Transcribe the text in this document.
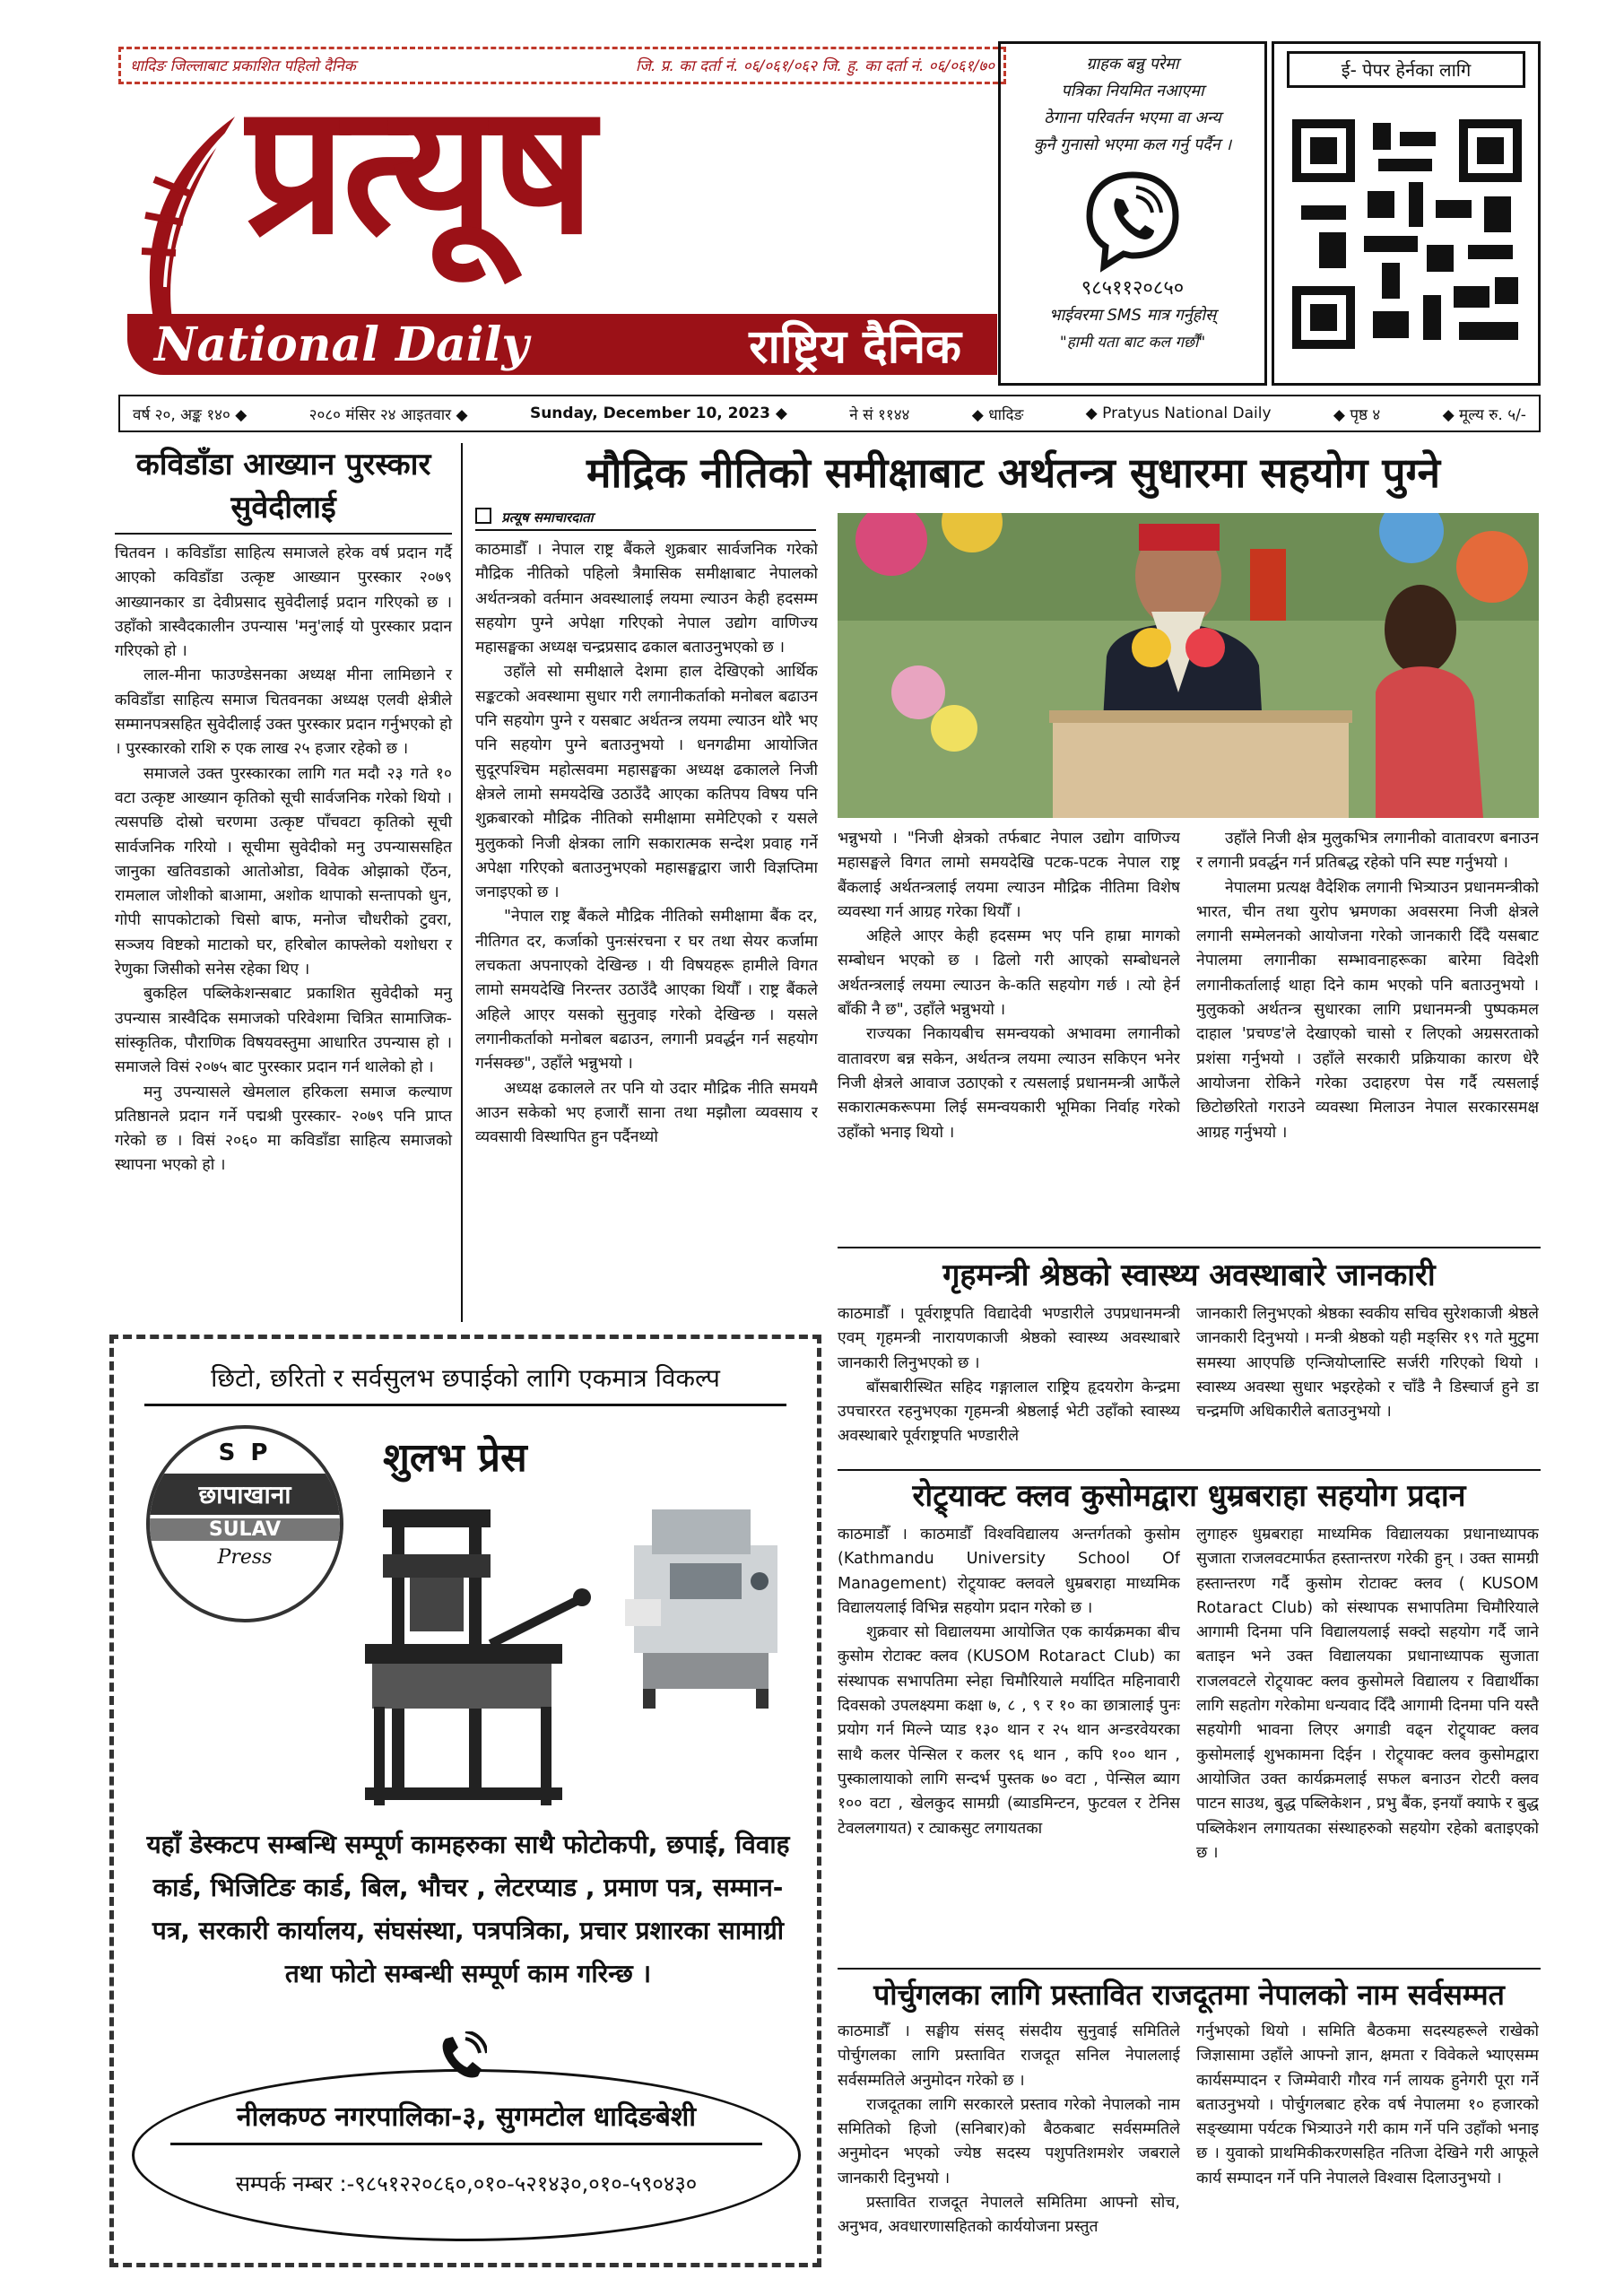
धादिङ जिल्लाबाट प्रकाशित पहिलो दैनिक	जि. प्र. का दर्ता नं. ०६/०६१/०६२ जि. हु. का दर्ता नं. ०६/०६१/७०
प्रत्यूष
National Daily	राष्ट्रिय दैनिक
ग्राहक बन्नु परेमा
पत्रिका नियमित नआएमा
ठेगाना परिवर्तन भएमा वा अन्य
कुनै गुनासो भएमा कल गर्नु पर्दैन ।
९८५११२०८५०
भाईवरमा SMS मात्र गर्नुहोस्
"हामी यता बाट कल गर्छौं"
ई- पेपर हेर्नका लागि
वर्ष २०, अङ्क १४० ◆	२०८० मंसिर २४ आइतवार ◆	Sunday, December 10, 2023 ◆	ने सं ११४४	◆ धादिङ	◆ Pratyus National Daily	◆ पृष्ठ ४	◆ मूल्य रु. ५/-
कविडाँडा आख्यान पुरस्कार सुवेदीलाई

चितवन । कविडाँडा साहित्य समाजले हरेक वर्ष प्रदान गर्दै आएको कविडाँडा उत्कृष्ट आख्यान पुरस्कार २०७९ आख्यानकार डा देवीप्रसाद सुवेदीलाई प्रदान गरिएको छ । उहाँको त्रास्वैदकालीन उपन्यास 'मनु'लाई यो पुरस्कार प्रदान गरिएको हो ।

लाल-मीना फाउण्डेसनका अध्यक्ष मीना लामिछाने र कविडाँडा साहित्य समाज चितवनका अध्यक्ष एलवी क्षेत्रीले सम्मानपत्रसहित सुवेदीलाई उक्त पुरस्कार प्रदान गर्नुभएको हो । पुरस्कारको राशि रु एक लाख २५ हजार रहेको छ ।

समाजले उक्त पुरस्कारका लागि गत मदौ २३ गते १० वटा उत्कृष्ट आख्यान कृतिको सूची सार्वजनिक गरेको थियो । त्यसपछि दोस्रो चरणमा उत्कृष्ट पाँचवटा कृतिको सूची सार्वजनिक गरियो । सूचीमा सुवेदीको मनु उपन्याससहित जानुका खतिवडाको आतोओडा, विवेक ओझाको ऐँठन, रामलाल जोशीको बाआमा, अशोक थापाको सन्तापको धुन, गोपी सापकोटाको चिसो बाफ, मनोज चौधरीको टुवरा, सञ्जय विष्टको माटाको घर, हरिबोल काफ्लेको यशोधरा र रेणुका जिसीको सनेस रहेका थिए ।

बुकहिल पब्लिकेशन्सबाट प्रकाशित सुवेदीको मनु उपन्यास त्रास्वैदिक समाजको परिवेशमा चित्रित सामाजिक-सांस्कृतिक, पौराणिक विषयवस्तुमा आधारित उपन्यास हो । समाजले विसं २०७५ बाट पुरस्कार प्रदान गर्न थालेको हो ।

मनु उपन्यासले खेमलाल हरिकला समाज कल्याण प्रतिष्ठानले प्रदान गर्ने पद्मश्री पुरस्कार- २०७९ पनि प्राप्त गरेको छ । विसं २०६० मा कविडाँडा साहित्य समाजको स्थापना भएको हो ।

मौद्रिक नीतिको समीक्षाबाट अर्थतन्त्र सुधारमा सहयोग पुग्ने
प्रत्यूष समाचारदाता

काठमाडौँ । नेपाल राष्ट्र बैंकले शुक्रबार सार्वजनिक गरेको मौद्रिक नीतिको पहिलो त्रैमासिक समीक्षाबाट नेपालको अर्थतन्त्रको वर्तमान अवस्थालाई लयमा ल्याउन केही हदसम्म सहयोग पुग्ने अपेक्षा गरिएको नेपाल उद्योग वाणिज्य महासङ्घका अध्यक्ष चन्द्रप्रसाद ढकाल बताउनुभएको छ ।

उहाँले सो समीक्षाले देशमा हाल देखिएको आर्थिक सङ्कटको अवस्थामा सुधार गरी लगानीकर्ताको मनोबल बढाउन पनि सहयोग पुग्ने र यसबाट अर्थतन्त्र लयमा ल्याउन थोरै भए पनि सहयोग पुग्ने बताउनुभयो । धनगढीमा आयोजित सुदूरपश्चिम महोत्सवमा महासङ्घका अध्यक्ष ढकालले निजी क्षेत्रले लामो समयदेखि उठाउँदै आएका कतिपय विषय पनि शुक्रबारको मौद्रिक नीतिको समीक्षामा समेटिएको र यसले मुलुकको निजी क्षेत्रका लागि सकारात्मक सन्देश प्रवाह गर्ने अपेक्षा गरिएको बताउनुभएको महासङ्घद्वारा जारी विज्ञप्तिमा जनाइएको छ ।

"नेपाल राष्ट्र बैंकले मौद्रिक नीतिको समीक्षामा बैंक दर, नीतिगत दर, कर्जाको पुनःसंरचना र घर तथा सेयर कर्जामा लचकता अपनाएको देखिन्छ । यी विषयहरू हामीले विगत लामो समयदेखि निरन्तर उठाउँदै आएका थियौँ । राष्ट्र बैंकले अहिले आएर यसको सुनुवाइ गरेको देखिन्छ । यसले लगानीकर्ताको मनोबल बढाउन, लगानी प्रवर्द्धन गर्न सहयोग गर्नसक्छ", उहाँले भन्नुभयो ।

अध्यक्ष ढकालले तर पनि यो उदार मौद्रिक नीति समयमै आउन सकेको भए हजारौं साना तथा मझौला व्यवसाय र व्यवसायी विस्थापित हुन पर्दैनथ्यो

भन्नुभयो । "निजी क्षेत्रको तर्फबाट नेपाल उद्योग वाणिज्य महासङ्घले विगत लामो समयदेखि पटक-पटक नेपाल राष्ट्र बैंकलाई अर्थतन्त्रलाई लयमा ल्याउन मौद्रिक नीतिमा विशेष व्यवस्था गर्न आग्रह गरेका थियौँ ।

अहिले आएर केही हदसम्म भए पनि हाम्रा मागको सम्बोधन भएको छ । ढिलो गरी आएको सम्बोधनले अर्थतन्त्रलाई लयमा ल्याउन के-कति सहयोग गर्छ । त्यो हेर्न बाँकी नै छ", उहाँले भन्नुभयो ।

राज्यका निकायबीच समन्वयको अभावमा लगानीको वातावरण बन्न सकेन, अर्थतन्त्र लयमा ल्याउन सकिएन भनेर निजी क्षेत्रले आवाज उठाएको र त्यसलाई प्रधानमन्त्री आफैंले सकारात्मकरूपमा लिई समन्वयकारी भूमिका निर्वाह गरेको उहाँको भनाइ थियो ।

उहाँले निजी क्षेत्र मुलुकभित्र लगानीको वातावरण बनाउन र लगानी प्रवर्द्धन गर्न प्रतिबद्ध रहेको पनि स्पष्ट गर्नुभयो ।

नेपालमा प्रत्यक्ष वैदेशिक लगानी भित्र्याउन प्रधानमन्त्रीको भारत, चीन तथा युरोप भ्रमणका अवसरमा निजी क्षेत्रले लगानी सम्मेलनको आयोजना गरेको जानकारी दिँदै यसबाट नेपालमा लगानीका सम्भावनाहरूका बारेमा विदेशी लगानीकर्तालाई थाहा दिने काम भएको पनि बताउनुभयो । मुलुकको अर्थतन्त्र सुधारका लागि प्रधानमन्त्री पुष्पकमल दाहाल 'प्रचण्ड'ले देखाएको चासो र लिएको अग्रसरताको प्रशंसा गर्नुभयो । उहाँले सरकारी प्रक्रियाका कारण धेरै आयोजना रोकिने गरेका उदाहरण पेस गर्दै त्यसलाई छिटोछरितो गराउने व्यवस्था मिलाउन नेपाल सरकारसमक्ष आग्रह गर्नुभयो ।

गृहमन्त्री श्रेष्ठको स्वास्थ्य अवस्थाबारे जानकारी

काठमाडौँ । पूर्वराष्ट्रपति विद्यादेवी भण्डारीले उपप्रधानमन्त्री एवम् गृहमन्त्री नारायणकाजी श्रेष्ठको स्वास्थ्य अवस्थाबारे जानकारी लिनुभएको छ ।

बाँसबारीस्थित सहिद गङ्गालाल राष्ट्रिय हृदयरोग केन्द्रमा उपचाररत रहनुभएका गृहमन्त्री श्रेष्ठलाई भेटी उहाँको स्वास्थ्य अवस्थाबारे पूर्वराष्ट्रपति भण्डारीले

जानकारी लिनुभएको श्रेष्ठका स्वकीय सचिव सुरेशकाजी श्रेष्ठले जानकारी दिनुभयो । मन्त्री श्रेष्ठको यही मङ्सिर १९ गते मुटुमा समस्या आएपछि एन्जियोप्लास्टि सर्जरी गरिएको थियो । स्वास्थ्य अवस्था सुधार भइरहेको र चाँडै नै डिस्चार्ज हुने डा चन्द्रमणि अधिकारीले बताउनुभयो ।

रोट्र्याक्ट क्लव कुसोमद्वारा धुम्रबराहा सहयोग प्रदान

काठमाडौँ । काठमाडौँ विश्वविद्यालय अन्तर्गतको कुसोम (Kathmandu University School Of Management) रोट्र्याक्ट क्लवले धुम्रबराहा माध्यमिक विद्यालयलाई विभिन्न सहयोग प्रदान गरेको छ ।

शुक्रवार सो विद्यालयमा आयोजित एक कार्यक्रमका बीच कुसोम रोटाक्ट क्लव (KUSOM Rotaract Club) का संस्थापक सभापतिमा स्नेहा चिमौरियाले मर्यादित महिनावारी दिवसको उपलक्ष्यमा कक्षा ७, ८ , ९ र १० का छात्रालाई पुनः प्रयोग गर्न मिल्ने प्याड १३० थान र २५ थान अन्डरवेयरका साथै कलर पेन्सिल र कलर ९६ थान , कपि १०० थान , पुस्कालायाको लागि सन्दर्भ पुस्तक ७० वटा , पेन्सिल ब्याग १०० वटा , खेलकुद सामग्री (ब्याडमिन्टन, फुटवल र टेनिस टेवललगायत) र ट्याकसुट लगायतका

लुगाहरु धुम्रबराहा माध्यमिक विद्यालयका प्रधानाध्यापक सुजाता राजलवटमार्फत हस्तान्तरण गरेकी हुन् । उक्त सामग्री हस्तान्तरण गर्दै कुसोम रोटाक्ट क्लव ( KUSOM Rotaract Club) को संस्थापक सभापतिमा चिमौरियाले आगामी दिनमा पनि विद्यालयलाई सक्दो सहयोग गर्दै जाने बताइन भने उक्त विद्यालयका प्रधानाध्यापक सुजाता राजलवटले रोट्र्याक्ट क्लव कुसोमले विद्यालय र विद्यार्थीका लागि सहतोग गरेकोमा धन्यवाद दिँदै आगामी दिनमा पनि यस्तै सहयोगी भावना लिएर अगाडी वढ्न रोट्र्याक्ट क्लव कुसोमलाई शुभकामना दिईन । रोट्र्याक्ट क्लव कुसोमद्वारा आयोजित उक्त कार्यक्रमलाई सफल बनाउन रोटरी क्लव पाटन साउथ, बुद्ध पब्लिकेशन , प्रभु बैंक, इनयाँ क्याफे र बुद्ध पब्लिकेशन लगायतका संस्थाहरुको सहयोग रहेको बताइएको छ ।

पोर्चुगलका लागि प्रस्तावित राजदूतमा नेपालको नाम सर्वसम्मत

काठमाडौँ । सङ्घीय संसद् संसदीय सुनुवाई समितिले पोर्चुगलका लागि प्रस्तावित राजदूत सनिल नेपाललाई सर्वसम्मतिले अनुमोदन गरेको छ ।

राजदूतका लागि सरकारले प्रस्ताव गरेको नेपालको नाम समितिको हिजो (सनिबार)को बैठकबाट सर्वसम्मतिले अनुमोदन भएको ज्येष्ठ सदस्य पशुपतिशमशेर जबराले जानकारी दिनुभयो ।

प्रस्तावित राजदूत नेपालले समितिमा आफ्नो सोच, अनुभव, अवधारणासहितको कार्ययोजना प्रस्तुत

गर्नुभएको थियो । समिति बैठकमा सदस्यहरूले राखेको जिज्ञासामा उहाँले आफ्नो ज्ञान, क्षमता र विवेकले भ्याएसम्म कार्यसम्पादन र जिम्मेवारी गौरव गर्न लायक हुनेगरी पूरा गर्ने बताउनुभयो । पोर्चुगलबाट हरेक वर्ष नेपालमा १० हजारको सङ्ख्यामा पर्यटक भित्र्याउने गरी काम गर्ने पनि उहाँको भनाइ छ । युवाको प्राथमिकीकरणसहित नतिजा देखिने गरी आफूले कार्य सम्पादन गर्ने पनि नेपालले विश्वास दिलाउनुभयो ।

छिटो, छरितो र सर्वसुलभ छपाईको लागि एकमात्र विकल्प
शुलभ प्रेस
S P
छापाखाना
SULAV
Press
यहाँ डेस्कटप सम्बन्धि सम्पूर्ण कामहरुका साथै फोटोकपी, छपाई, विवाह कार्ड, भिजिटिङ कार्ड, बिल, भौचर , लेटरप्याड , प्रमाण पत्र, सम्मान-पत्र, सरकारी कार्यालय, संघसंस्था, पत्रपत्रिका, प्रचार प्रशारका सामाग्री तथा फोटो सम्बन्धी सम्पूर्ण काम गरिन्छ ।
नीलकण्ठ नगरपालिका-३, सुगमटोल धादिङबेशी
सम्पर्क नम्बर :-९८५१२२०८६०,०१०-५२१४३०,०१०-५९०४३०
